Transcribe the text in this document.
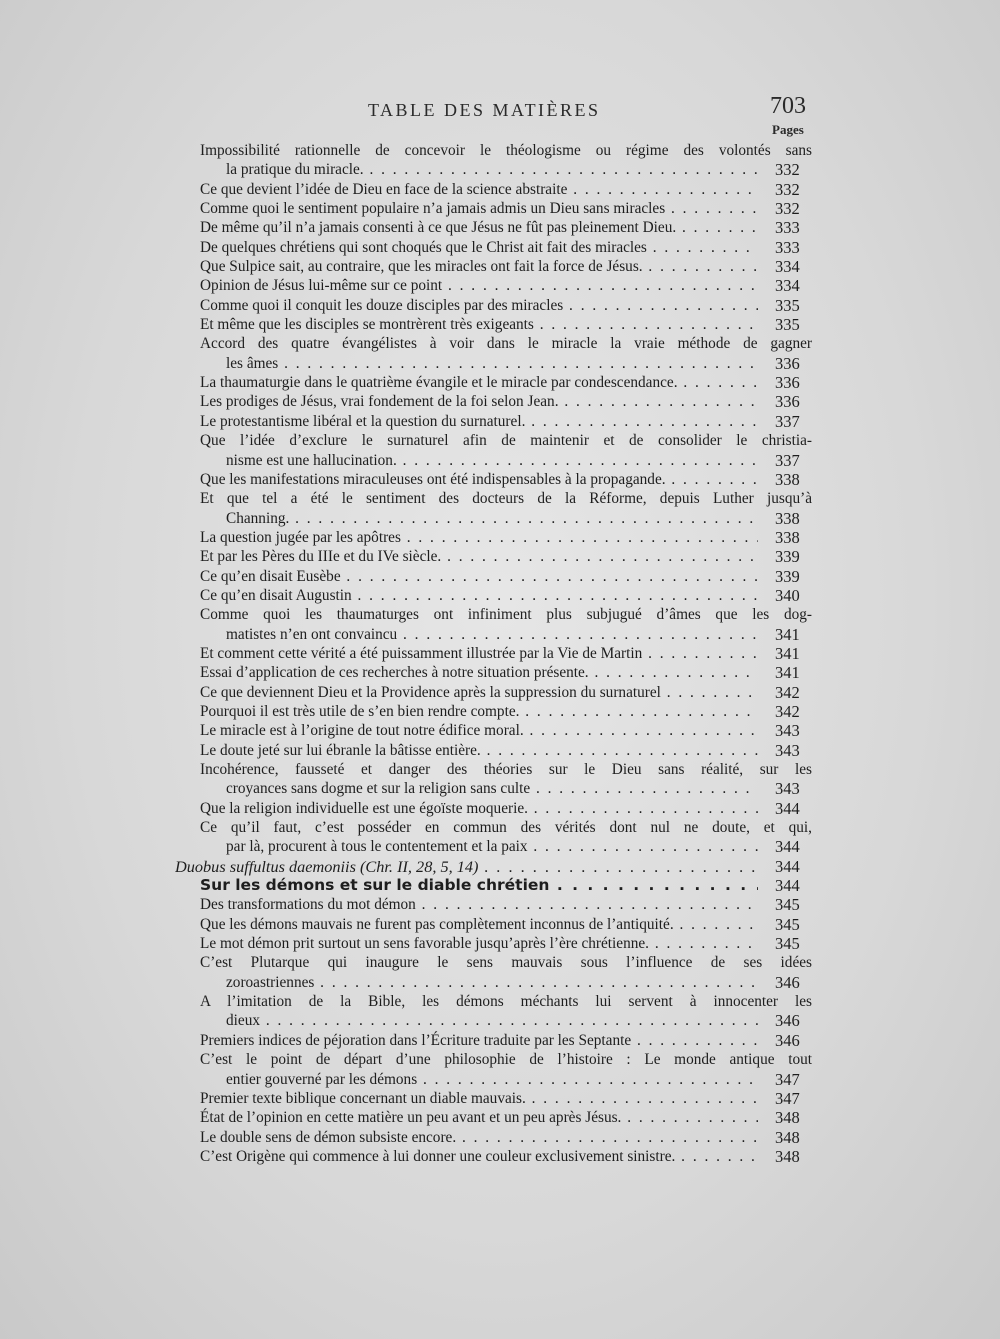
TABLE DES MATIÈRES	703
Pages
Impossibilité rationnelle de concevoir le théologisme ou régime des volontés sans
la pratique du miracle. . . .	332
Ce que devient l’idée de Dieu en face de la science abstraite . . .	332
Comme quoi le sentiment populaire n’a jamais admis un Dieu sans miracles . . .	332
De même qu’il n’a jamais consenti à ce que Jésus ne fût pas pleinement Dieu. . . .	333
De quelques chrétiens qui sont choqués que le Christ ait fait des miracles . . .	333
Que Sulpice sait, au contraire, que les miracles ont fait la force de Jésus. . . .	334
Opinion de Jésus lui-même sur ce point . . .	334
Comme quoi il conquit les douze disciples par des miracles . . .	335
Et même que les disciples se montrèrent très exigeants . . .	335
Accord des quatre évangélistes à voir dans le miracle la vraie méthode de gagner
les âmes . . .	336
La thaumaturgie dans le quatrième évangile et le miracle par condescendance. . . .	336
Les prodiges de Jésus, vrai fondement de la foi selon Jean. . . .	336
Le protestantisme libéral et la question du surnaturel. . . .	337
Que l’idée d’exclure le surnaturel afin de maintenir et de consolider le christia-
nisme est une hallucination. . . .	337
Que les manifestations miraculeuses ont été indispensables à la propagande. . . .	338
Et que tel a été le sentiment des docteurs de la Réforme, depuis Luther jusqu’à
Channing. . . .	338
La question jugée par les apôtres . . .	338
Et par les Pères du IIIe et du IVe siècle. . . .	339
Ce qu’en disait Eusèbe . . .	339
Ce qu’en disait Augustin . . .	340
Comme quoi les thaumaturges ont infiniment plus subjugué d’âmes que les dog-
matistes n’en ont convaincu . . .	341
Et comment cette vérité a été puissamment illustrée par la Vie de Martin . . .	341
Essai d’application de ces recherches à notre situation présente. . . .	341
Ce que deviennent Dieu et la Providence après la suppression du surnaturel . . .	342
Pourquoi il est très utile de s’en bien rendre compte. . . .	342
Le miracle est à l’origine de tout notre édifice moral. . . .	343
Le doute jeté sur lui ébranle la bâtisse entière. . . .	343
Incohérence, fausseté et danger des théories sur le Dieu sans réalité, sur les
croyances sans dogme et sur la religion sans culte . . .	343
Que la religion individuelle est une égoïste moquerie. . . .	344
Ce qu’il faut, c’est posséder en commun des vérités dont nul ne doute, et qui,
par là, procurent à tous le contentement et la paix . . .	344
Duobus suffultus daemoniis (Chr. II, 28, 5, 14) . . .	344
Sur les démons et sur le diable chrétien . . .	344
Des transformations du mot démon . . .	345
Que les démons mauvais ne furent pas complètement inconnus de l’antiquité. . . .	345
Le mot démon prit surtout un sens favorable jusqu’après l’ère chrétienne. . . .	345
C’est Plutarque qui inaugure le sens mauvais sous l’influence de ses idées
zoroastriennes . . .	346
A l’imitation de la Bible, les démons méchants lui servent à innocenter les
dieux . . .	346
Premiers indices de péjoration dans l’Écriture traduite par les Septante . . .	346
C’est le point de départ d’une philosophie de l’histoire : Le monde antique tout
entier gouverné par les démons . . .	347
Premier texte biblique concernant un diable mauvais. . . .	347
État de l’opinion en cette matière un peu avant et un peu après Jésus. . . .	348
Le double sens de démon subsiste encore. . . .	348
C’est Origène qui commence à lui donner une couleur exclusivement sinistre. . . .	348
